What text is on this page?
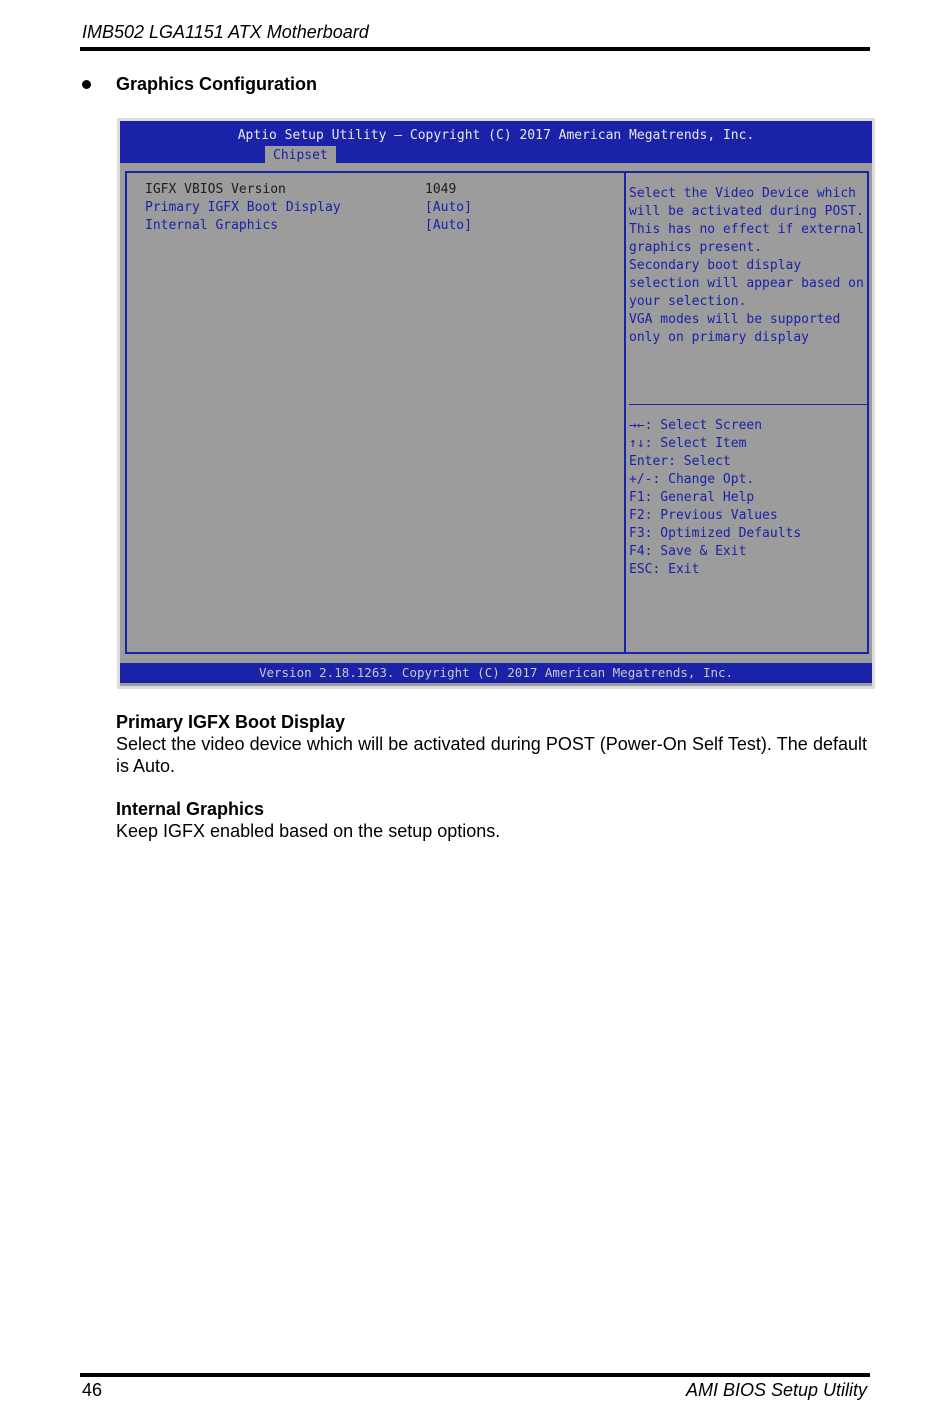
IMB502 LGA1151 ATX Motherboard
Graphics Configuration
Aptio Setup Utility – Copyright (C) 2017 American Megatrends, Inc.
Chipset
IGFX VBIOS Version	1049
Primary IGFX Boot Display	[Auto]
Internal Graphics	[Auto]
Select the Video Device which
will be activated during POST.
This has no effect if external
graphics present.
Secondary boot display
selection will appear based on
your selection.
VGA modes will be supported
only on primary display
→←: Select Screen
↑↓: Select Item
Enter: Select
+/-: Change Opt.
F1: General Help
F2: Previous Values
F3: Optimized Defaults
F4: Save & Exit
ESC: Exit
Version 2.18.1263. Copyright (C) 2017 American Megatrends, Inc.
Primary IGFX Boot Display
Select the video device which will be activated during POST (Power-On Self Test). The default is Auto.
Internal Graphics
Keep IGFX enabled based on the setup options.
46	AMI BIOS Setup Utility
